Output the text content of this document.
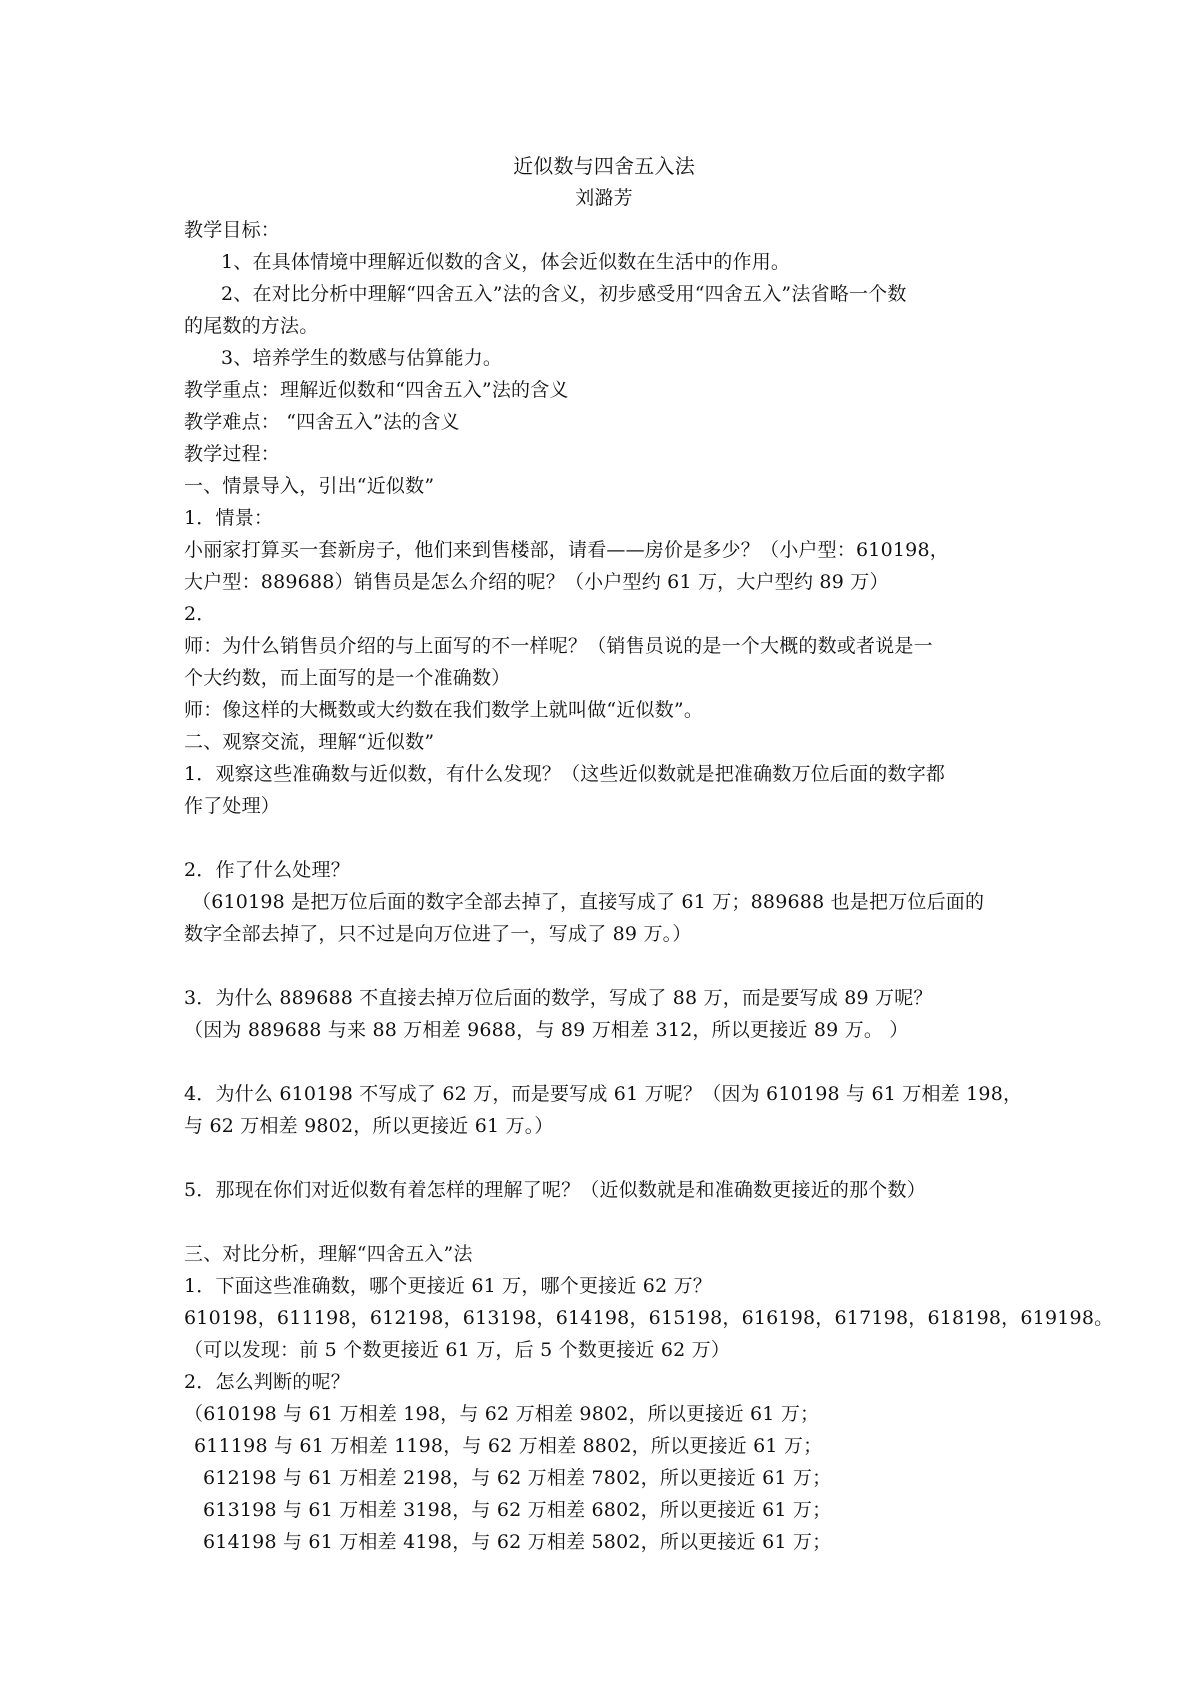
近似数与四舍五入法
刘潞芳
教学目标：
1、在具体情境中理解近似数的含义，体会近似数在生活中的作用。
2、在对比分析中理解“四舍五入”法的含义，初步感受用“四舍五入”法省略一个数
的尾数的方法。
3、培养学生的数感与估算能力。
教学重点：理解近似数和“四舍五入”法的含义
教学难点： “四舍五入”法的含义
教学过程：
一、情景导入，引出“近似数”
1．情景：
小丽家打算买一套新房子，他们来到售楼部，请看——房价是多少？（小户型：610198，
大户型：889688）销售员是怎么介绍的呢？（小户型约 61 万，大户型约 89 万）
2．
师：为什么销售员介绍的与上面写的不一样呢？（销售员说的是一个大概的数或者说是一
个大约数，而上面写的是一个准确数）
师：像这样的大概数或大约数在我们数学上就叫做“近似数”。
二、观察交流，理解“近似数”
1．观察这些准确数与近似数，有什么发现？（这些近似数就是把准确数万位后面的数字都
作了处理）
2．作了什么处理？
（610198 是把万位后面的数字全部去掉了，直接写成了 61 万；889688 也是把万位后面的
数字全部去掉了，只不过是向万位进了一，写成了 89 万。）
3．为什么 889688 不直接去掉万位后面的数学，写成了 88 万，而是要写成 89 万呢？
（因为 889688 与来 88 万相差 9688，与 89 万相差 312，所以更接近 89 万。 ）
4．为什么 610198 不写成了 62 万，而是要写成 61 万呢？（因为 610198 与 61 万相差 198，
与 62 万相差 9802，所以更接近 61 万。）
5．那现在你们对近似数有着怎样的理解了呢？（近似数就是和准确数更接近的那个数）
三、对比分析，理解“四舍五入”法
1．下面这些准确数，哪个更接近 61 万，哪个更接近 62 万？
610198，611198，612198，613198，614198，615198，616198，617198，618198，619198。
（可以发现：前 5 个数更接近 61 万，后 5 个数更接近 62 万）
2．怎么判断的呢？
（610198 与 61 万相差 198，与 62 万相差 9802，所以更接近 61 万；
611198 与 61 万相差 1198，与 62 万相差 8802，所以更接近 61 万；
612198 与 61 万相差 2198，与 62 万相差 7802，所以更接近 61 万；
613198 与 61 万相差 3198，与 62 万相差 6802，所以更接近 61 万；
614198 与 61 万相差 4198，与 62 万相差 5802，所以更接近 61 万；
